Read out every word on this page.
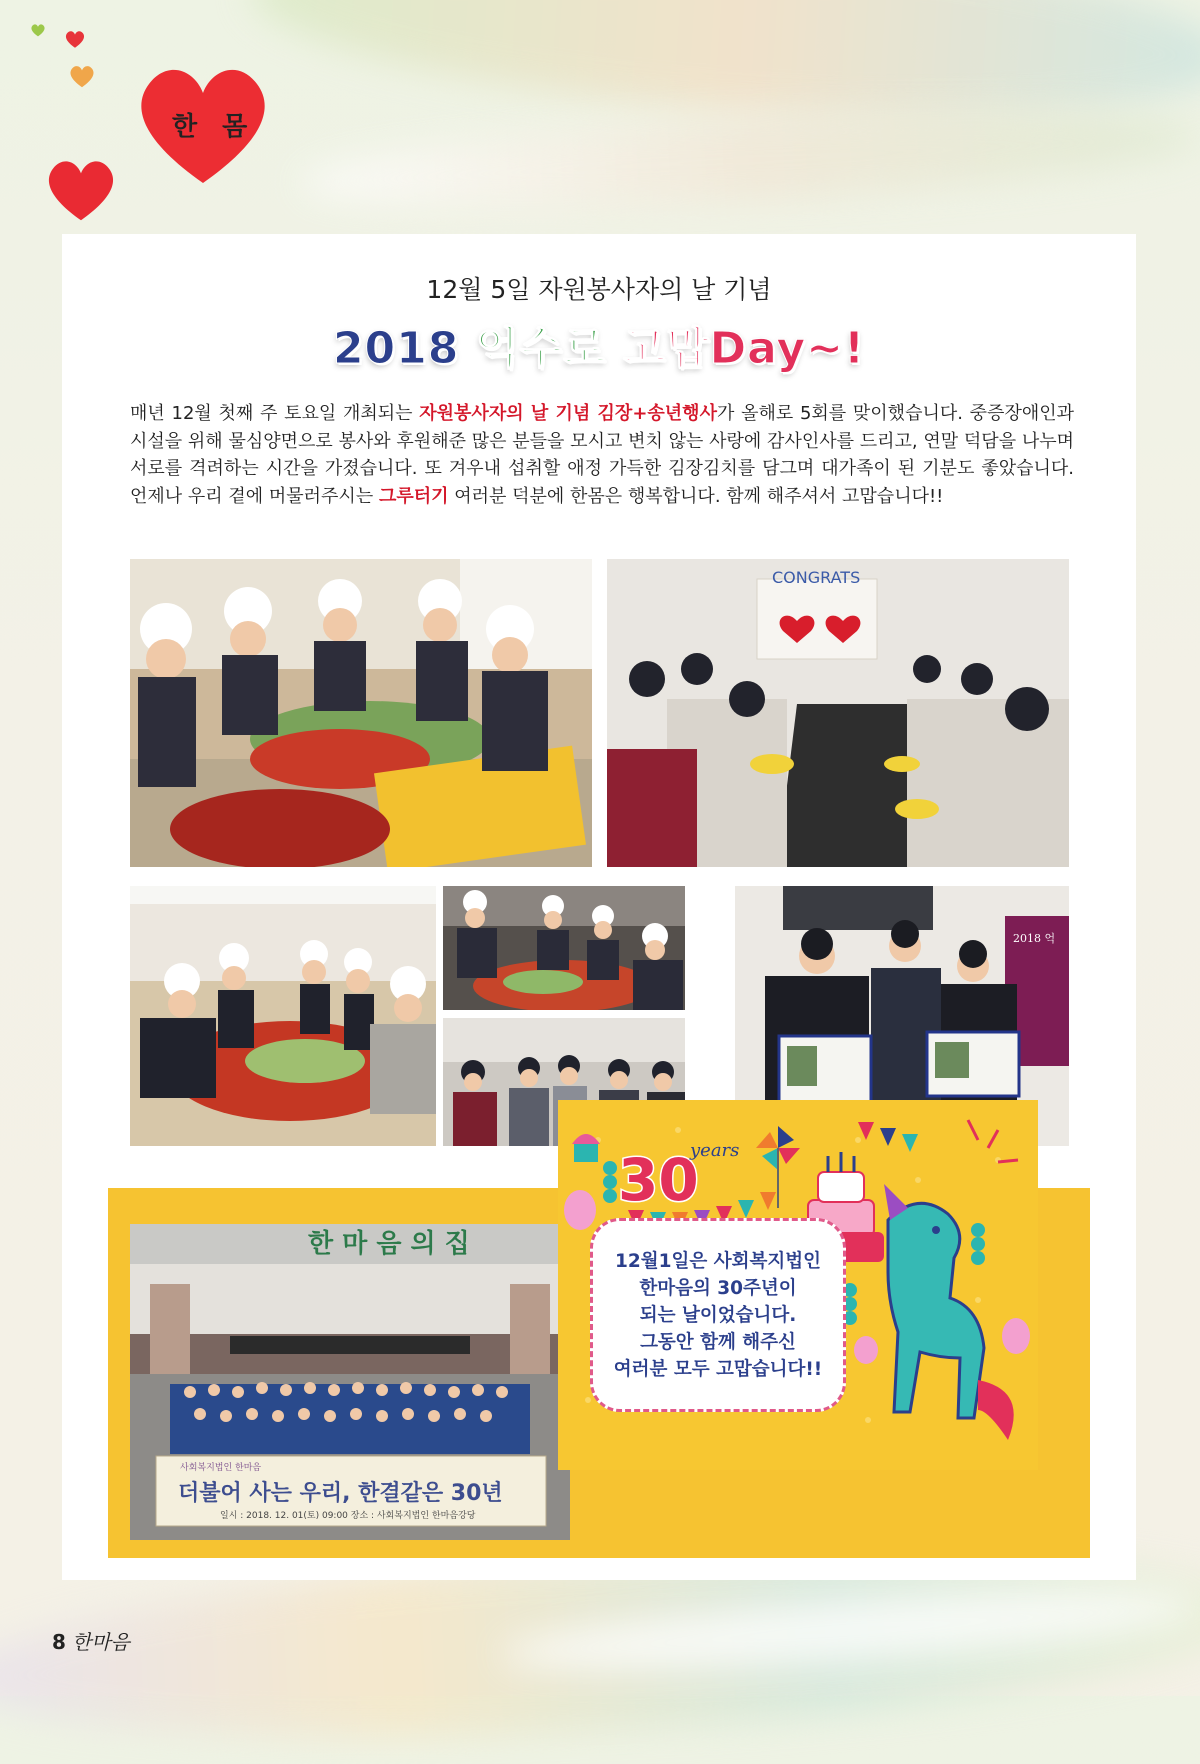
한 몸
12월 5일 자원봉사자의 날 기념
2018 억수로 고맙Day~!
매년 12월 첫째 주 토요일 개최되는 자원봉사자의 날 기념 김장+송년행사가 올해로 5회를 맞이했습니다. 중증장애인과 시설을 위해 물심양면으로 봉사와 후원해준 많은 분들을 모시고 변치 않는 사랑에 감사인사를 드리고, 연말 덕담을 나누며 서로를 격려하는 시간을 가졌습니다. 또 겨우내 섭취할 애정 가득한 김장김치를 담그며 대가족이 된 기분도 좋았습니다. 언제나 우리 곁에 머물러주시는 그루터기 여러분 덕분에 한몸은 행복합니다. 함께 해주셔서 고맙습니다!!
CONGRATS
2018 억
한 마 음 의 집
사회복지법인 한마음
더불어 사는 우리, 한결같은 30년
일시 : 2018. 12. 01(토) 09:00 장소 : 사회복지법인 한마음강당
30
years
12월1일은 사회복지법인
한마음의 30주년이
되는 날이었습니다.
그동안 함께 해주신
여러분 모두 고맙습니다!!
8 한마음
